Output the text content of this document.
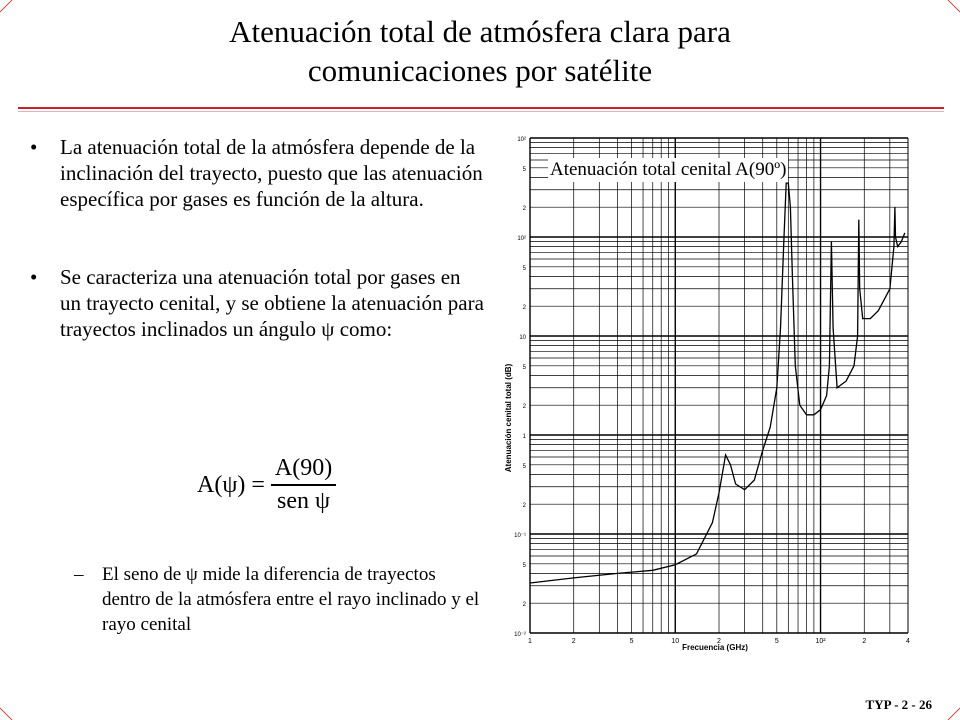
Atenuación total de atmósfera clara para
comunicaciones por satélite
• La atenuación total de la atmósfera depende de la inclinación del trayecto, puesto que las atenuación específica por gases es función de la altura.
• Se caracteriza una atenuación total por gases en un trayecto cenital, y se obtiene la atenuación para trayectos inclinados un ángulo ψ como:
A(ψ) =	A(90)
sen ψ
– El seno de ψ mide la diferencia de trayectos dentro de la atmósfera entre el rayo inclinado y el rayo cenital
1	2	5	10	2	5	10²	2	4
10²
5
2
10²
5
2
10
5
2
1
5
2
10⁻¹
5
2
10⁻²
Atenuación cenital total (dB)
Frecuencia (GHz)
Atenuación total cenital A(90º)
TYP - 2 - 26
